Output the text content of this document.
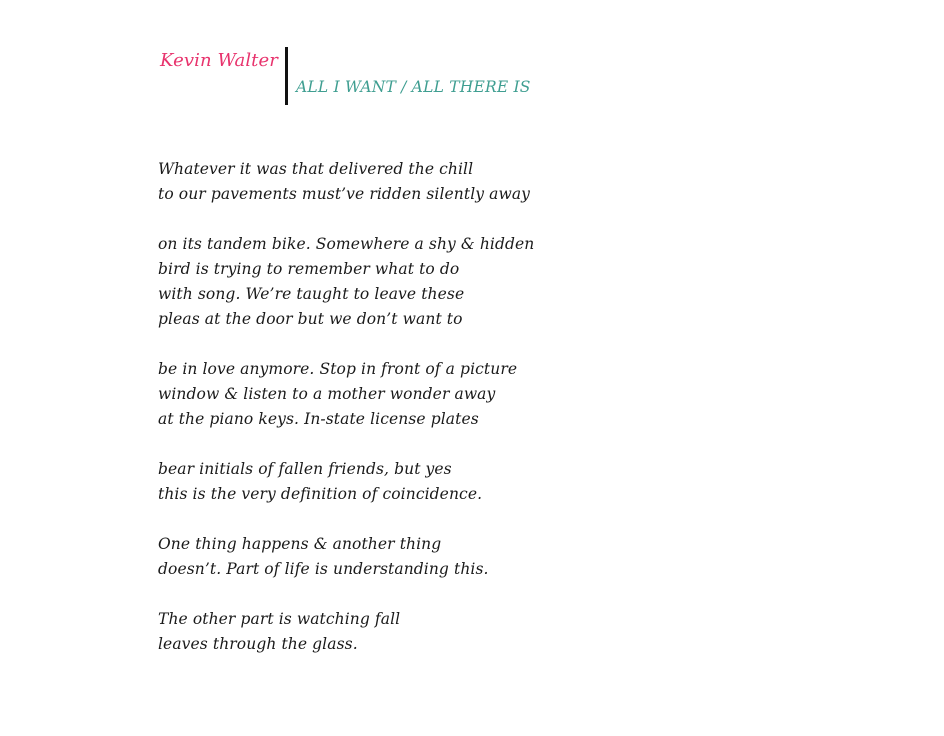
Kevin Walter
ALL I WANT / ALL THERE IS
Whatever it was that delivered the chill
to our pavements must’ve ridden silently away
on its tandem bike. Somewhere a shy & hidden
bird is trying to remember what to do
with song. We’re taught to leave these
pleas at the door but we don’t want to
be in love anymore. Stop in front of a picture
window & listen to a mother wonder away
at the piano keys. In-state license plates
bear initials of fallen friends, but yes
this is the very definition of coincidence.
One thing happens & another thing
doesn’t. Part of life is understanding this.
The other part is watching fall
leaves through the glass.
